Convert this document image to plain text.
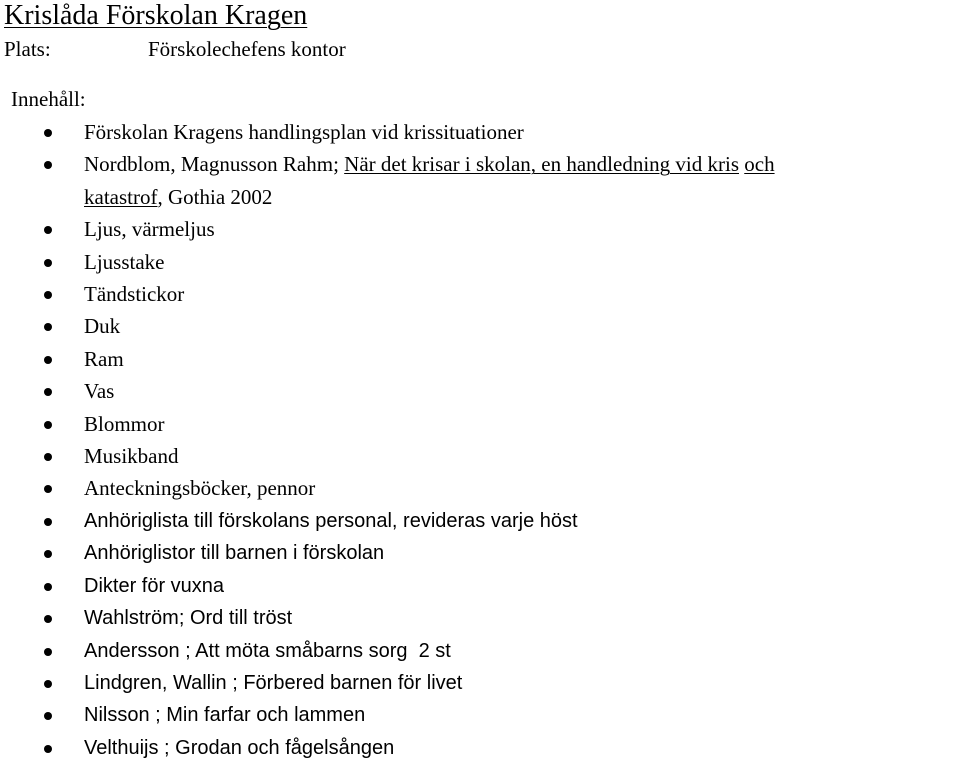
Krislåda Förskolan Kragen
Plats:	Förskolechefens kontor
Innehåll:
Förskolan Kragens handlingsplan vid krissituationer
Nordblom, Magnusson Rahm; När det krisar i skolan, en handledning vid kris och
katastrof, Gothia 2002
Ljus, värmeljus
Ljusstake
Tändstickor
Duk
Ram
Vas
Blommor
Musikband
Anteckningsböcker, pennor
Anhöriglista till förskolans personal, revideras varje höst
Anhöriglistor till barnen i förskolan
Dikter för vuxna
Wahlström; Ord till tröst
Andersson ; Att möta småbarns sorg  2 st
Lindgren, Wallin ; Förbered barnen för livet
Nilsson ; Min farfar och lammen
Velthuijs ; Grodan och fågelsången
